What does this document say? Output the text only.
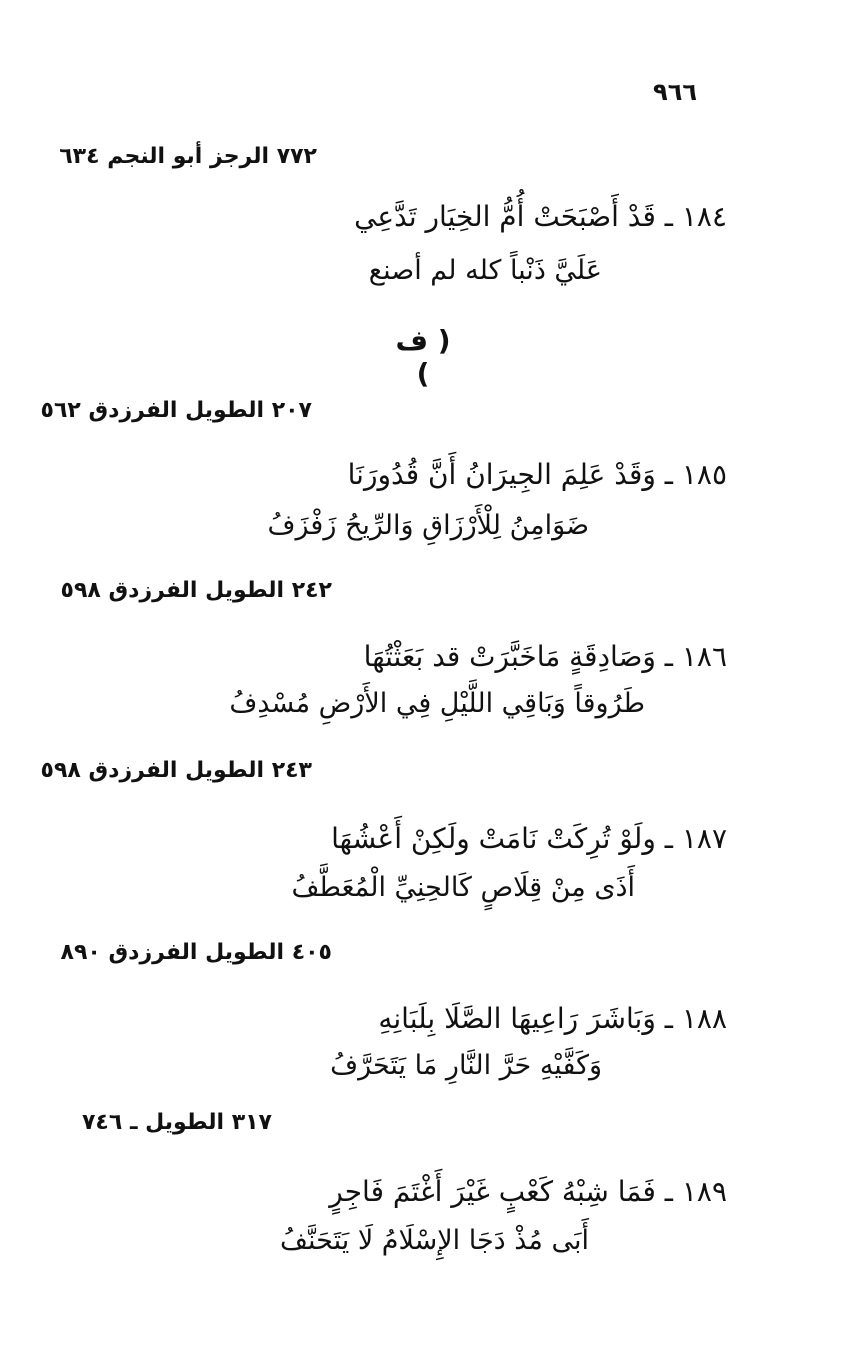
٩٦٦
٧٧٢ الرجز أبو النجم ٦٣٤
١٨٤ ـ قَدْ أَصْبَحَتْ أُمُّ الخِيَار تَدَّعِي
عَلَيَّ ذَنْباً كله لم أصنع
( ف )
٢٠٧ الطويل الفرزدق ٥٦٢
١٨٥ ـ وَقَدْ عَلِمَ الجِيرَانُ أَنَّ قُدُورَنَا
ضَوَامِنُ لِلْأَرْزَاقِ وَالرِّيحُ زَفْزَفُ
٢٤٢ الطويل الفرزدق ٥٩٨
١٨٦ ـ وَصَادِقَةٍ مَاخَبَّرَتْ قد بَعَثْتُهَا
طَرُوقاً وَبَاقِي اللَّيْلِ فِي الأَرْضِ مُسْدِفُ
٢٤٣ الطويل الفرزدق ٥٩٨
١٨٧ ـ ولَوْ تُرِكَتْ نَامَتْ ولَكِنْ أَعْشُهَا
أَذَى مِنْ قِلَاصٍ كَالحِنِيِّ الْمُعَطَّفُ
٤٠٥ الطويل الفرزدق ٨٩٠
١٨٨ ـ وَبَاشَرَ رَاعِيهَا الصَّلَا بِلَبَانِهِ
وَكَفَّيْهِ حَرَّ النَّارِ مَا يَتَحَرَّفُ
٣١٧ الطويل ـ ٧٤٦
١٨٩ ـ فَمَا شِبْهُ كَعْبٍ غَيْرَ أَغْتَمَ فَاجِرٍ
أَبَى مُذْ دَجَا الإِسْلَامُ لَا يَتَحَنَّفُ
